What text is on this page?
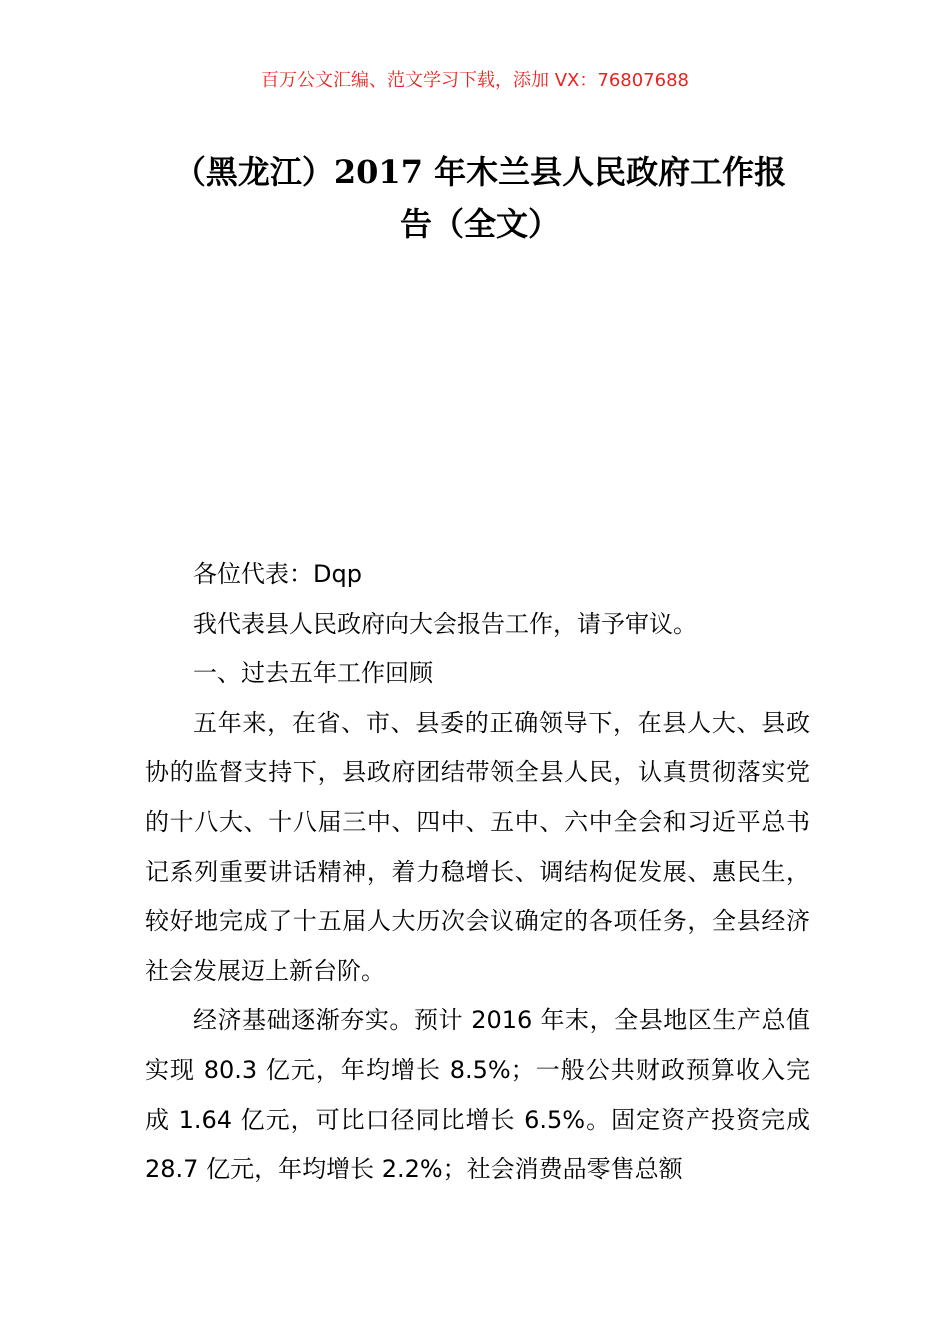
百万公文汇编、范文学习下载，添加 VX：76807688
（黑龙江）2017 年木兰县人民政府工作报
告（全文）

各位代表：Dqp

我代表县人民政府向大会报告工作，请予审议。

一、过去五年工作回顾

五年来，在省、市、县委的正确领导下，在县人大、县政协的监督支持下，县政府团结带领全县人民，认真贯彻落实党的十八大、十八届三中、四中、五中、六中全会和习近平总书记系列重要讲话精神，着力稳增长、调结构促发展、惠民生，较好地完成了十五届人大历次会议确定的各项任务，全县经济社会发展迈上新台阶。

经济基础逐渐夯实。预计 2016 年末，全县地区生产总值实现 80.3 亿元，年均增长 8.5%；一般公共财政预算收入完成 1.64 亿元，可比口径同比增长 6.5%。固定资产投资完成 28.7 亿元，年均增长 2.2%；社会消费品零售总额
